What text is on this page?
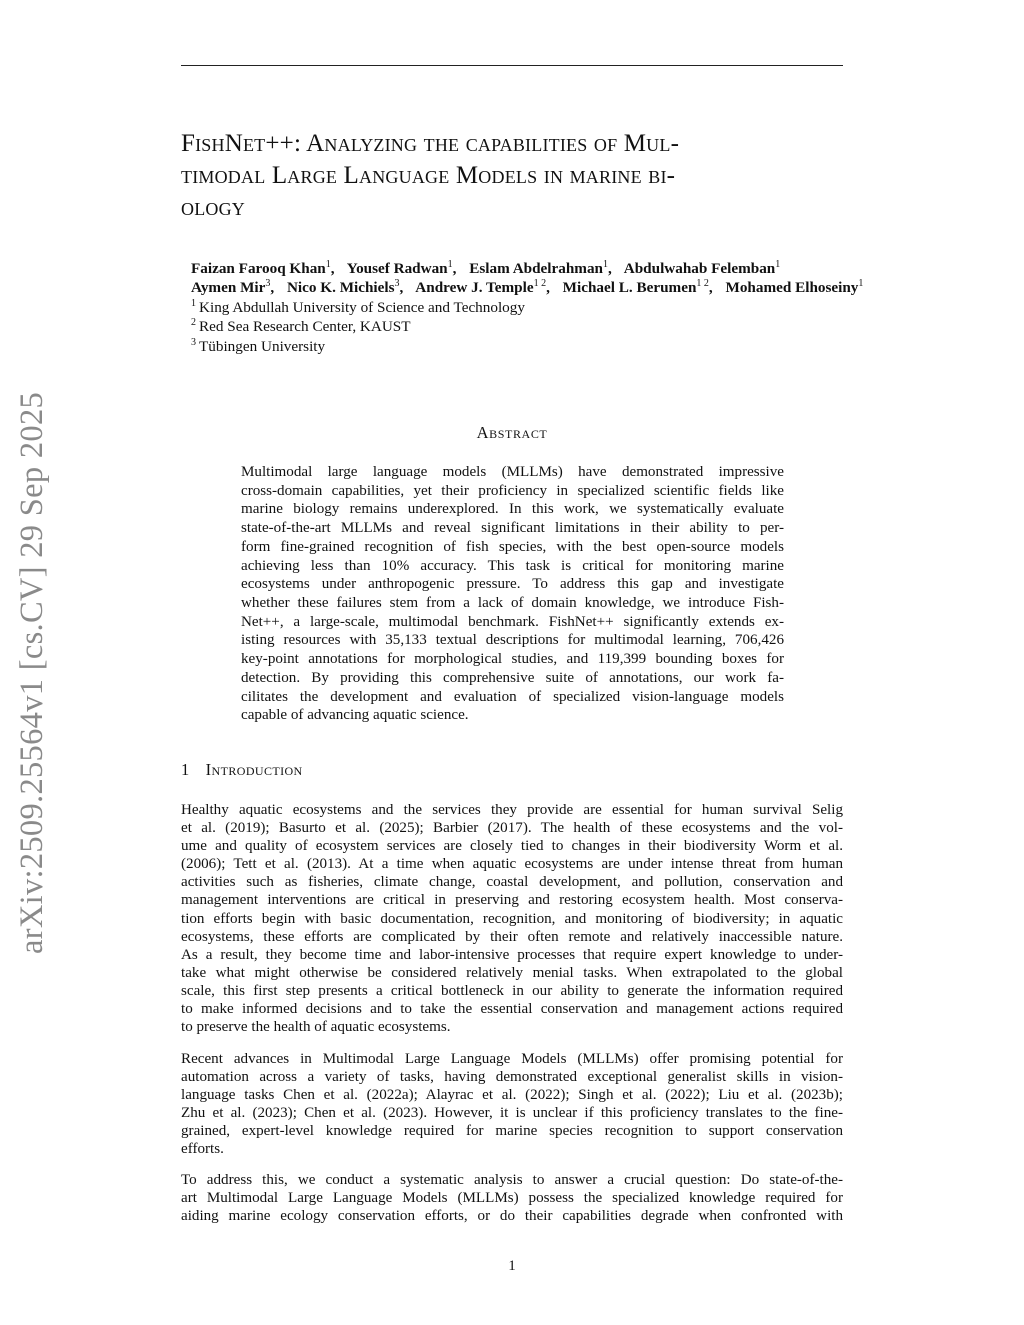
arXiv:2509.25564v1 [cs.CV] 29 Sep 2025
FishNet++: Analyzing the capabilities of Mul-
timodal Large Language Models in marine bi-
ology
Faizan Farooq Khan$^1$, Yousef Radwan$^1$, Eslam Abdelrahman$^1$, Abdulwahab Felemban$^1$
Aymen Mir$^3$, Nico K. Michiels$^3$, Andrew J. Temple$^{1 2}$, Michael L. Berumen$^{1 2}$, Mohamed Elhoseiny$^1$
$^1$ King Abdullah University of Science and Technology
$^2$ Red Sea Research Center, KAUST
$^3$ Tübingen University
Abstract
Multimodal large language models (MLLMs) have demonstrated impressive
cross-domain capabilities, yet their proficiency in specialized scientific fields like
marine biology remains underexplored. In this work, we systematically evaluate
state-of-the-art MLLMs and reveal significant limitations in their ability to per-
form fine-grained recognition of fish species, with the best open-source models
achieving less than 10% accuracy. This task is critical for monitoring marine
ecosystems under anthropogenic pressure. To address this gap and investigate
whether these failures stem from a lack of domain knowledge, we introduce Fish-
Net++, a large-scale, multimodal benchmark. FishNet++ significantly extends ex-
isting resources with 35,133 textual descriptions for multimodal learning, 706,426
key-point annotations for morphological studies, and 119,399 bounding boxes for
detection. By providing this comprehensive suite of annotations, our work fa-
cilitates the development and evaluation of specialized vision-language models
capable of advancing aquatic science.
1 Introduction
Healthy aquatic ecosystems and the services they provide are essential for human survival Selig
et al. (2019); Basurto et al. (2025); Barbier (2017). The health of these ecosystems and the vol-
ume and quality of ecosystem services are closely tied to changes in their biodiversity Worm et al.
(2006); Tett et al. (2013). At a time when aquatic ecosystems are under intense threat from human
activities such as fisheries, climate change, coastal development, and pollution, conservation and
management interventions are critical in preserving and restoring ecosystem health. Most conserva-
tion efforts begin with basic documentation, recognition, and monitoring of biodiversity; in aquatic
ecosystems, these efforts are complicated by their often remote and relatively inaccessible nature.
As a result, they become time and labor-intensive processes that require expert knowledge to under-
take what might otherwise be considered relatively menial tasks. When extrapolated to the global
scale, this first step presents a critical bottleneck in our ability to generate the information required
to make informed decisions and to take the essential conservation and management actions required
to preserve the health of aquatic ecosystems.
Recent advances in Multimodal Large Language Models (MLLMs) offer promising potential for
automation across a variety of tasks, having demonstrated exceptional generalist skills in vision-
language tasks Chen et al. (2022a); Alayrac et al. (2022); Singh et al. (2022); Liu et al. (2023b);
Zhu et al. (2023); Chen et al. (2023). However, it is unclear if this proficiency translates to the fine-
grained, expert-level knowledge required for marine species recognition to support conservation
efforts.
To address this, we conduct a systematic analysis to answer a crucial question: Do state-of-the-
art Multimodal Large Language Models (MLLMs) possess the specialized knowledge required for
aiding marine ecology conservation efforts, or do their capabilities degrade when confronted with
1
